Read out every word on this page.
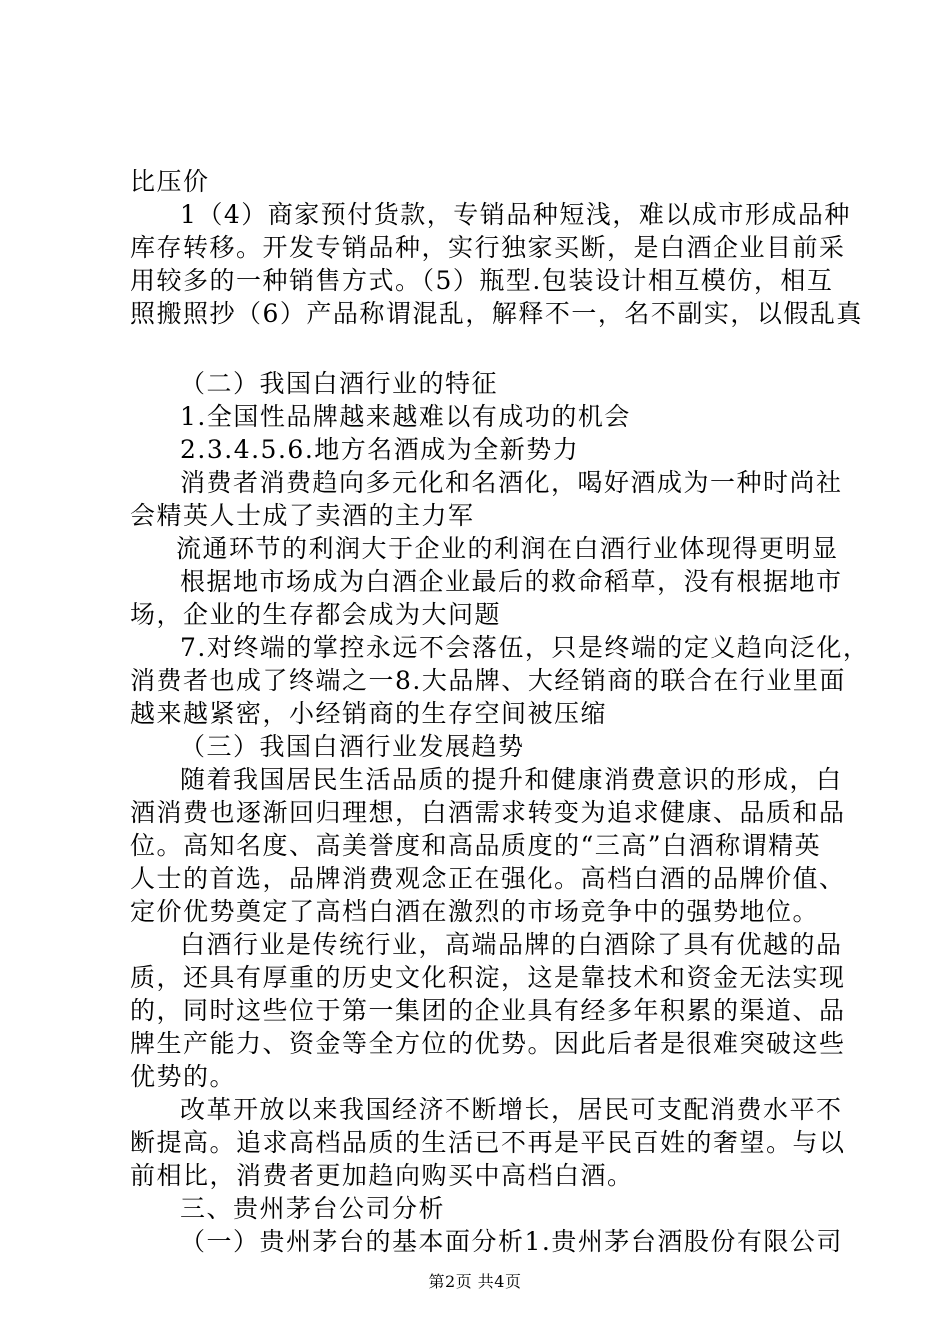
比压价
1（4）商家预付货款，专销品种短浅，难以成市形成品种
库存转移。开发专销品种，实行独家买断，是白酒企业目前采
用较多的一种销售方式。（5）瓶型.包装设计相互模仿，相互
照搬照抄（6）产品称谓混乱，解释不一，名不副实，以假乱真
（二）我国白酒行业的特征
1.全国性品牌越来越难以有成功的机会
2.3.4.5.6.地方名酒成为全新势力
消费者消费趋向多元化和名酒化，喝好酒成为一种时尚社
会精英人士成了卖酒的主力军
流通环节的利润大于企业的利润在白酒行业体现得更明显
根据地市场成为白酒企业最后的救命稻草，没有根据地市
场，企业的生存都会成为大问题
7.对终端的掌控永远不会落伍，只是终端的定义趋向泛化，
消费者也成了终端之一8.大品牌、大经销商的联合在行业里面
越来越紧密，小经销商的生存空间被压缩
（三）我国白酒行业发展趋势
随着我国居民生活品质的提升和健康消费意识的形成，白
酒消费也逐渐回归理想，白酒需求转变为追求健康、品质和品
位。高知名度、高美誉度和高品质度的“三高”白酒称谓精英
人士的首选，品牌消费观念正在强化。高档白酒的品牌价值、
定价优势奠定了高档白酒在激烈的市场竞争中的强势地位。
白酒行业是传统行业，高端品牌的白酒除了具有优越的品
质，还具有厚重的历史文化积淀，这是靠技术和资金无法实现
的，同时这些位于第一集团的企业具有经多年积累的渠道、品
牌生产能力、资金等全方位的优势。因此后者是很难突破这些
优势的。
改革开放以来我国经济不断增长，居民可支配消费水平不
断提高。追求高档品质的生活已不再是平民百姓的奢望。与以
前相比，消费者更加趋向购买中高档白酒。
三、贵州茅台公司分析
（一）贵州茅台的基本面分析1.贵州茅台酒股份有限公司
第2页 共4页
